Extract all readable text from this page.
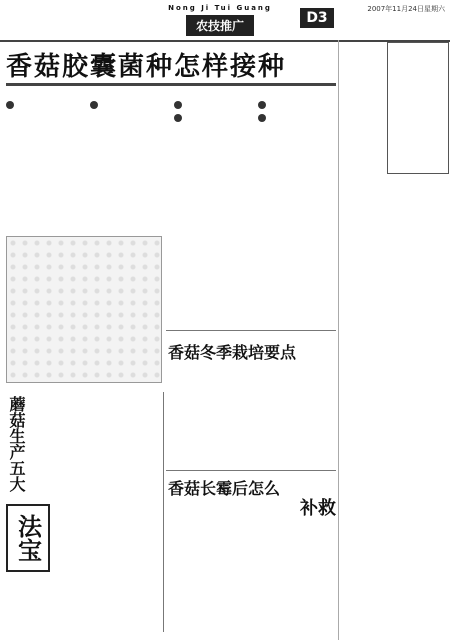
Nong Ji Tui Guang
农技推广	D3
2007年11月24日星期六
香菇胶囊菌种怎样接种
蘑菇生产五大
法宝
香菇冬季栽培要点
香菇长霉后怎么
补救
